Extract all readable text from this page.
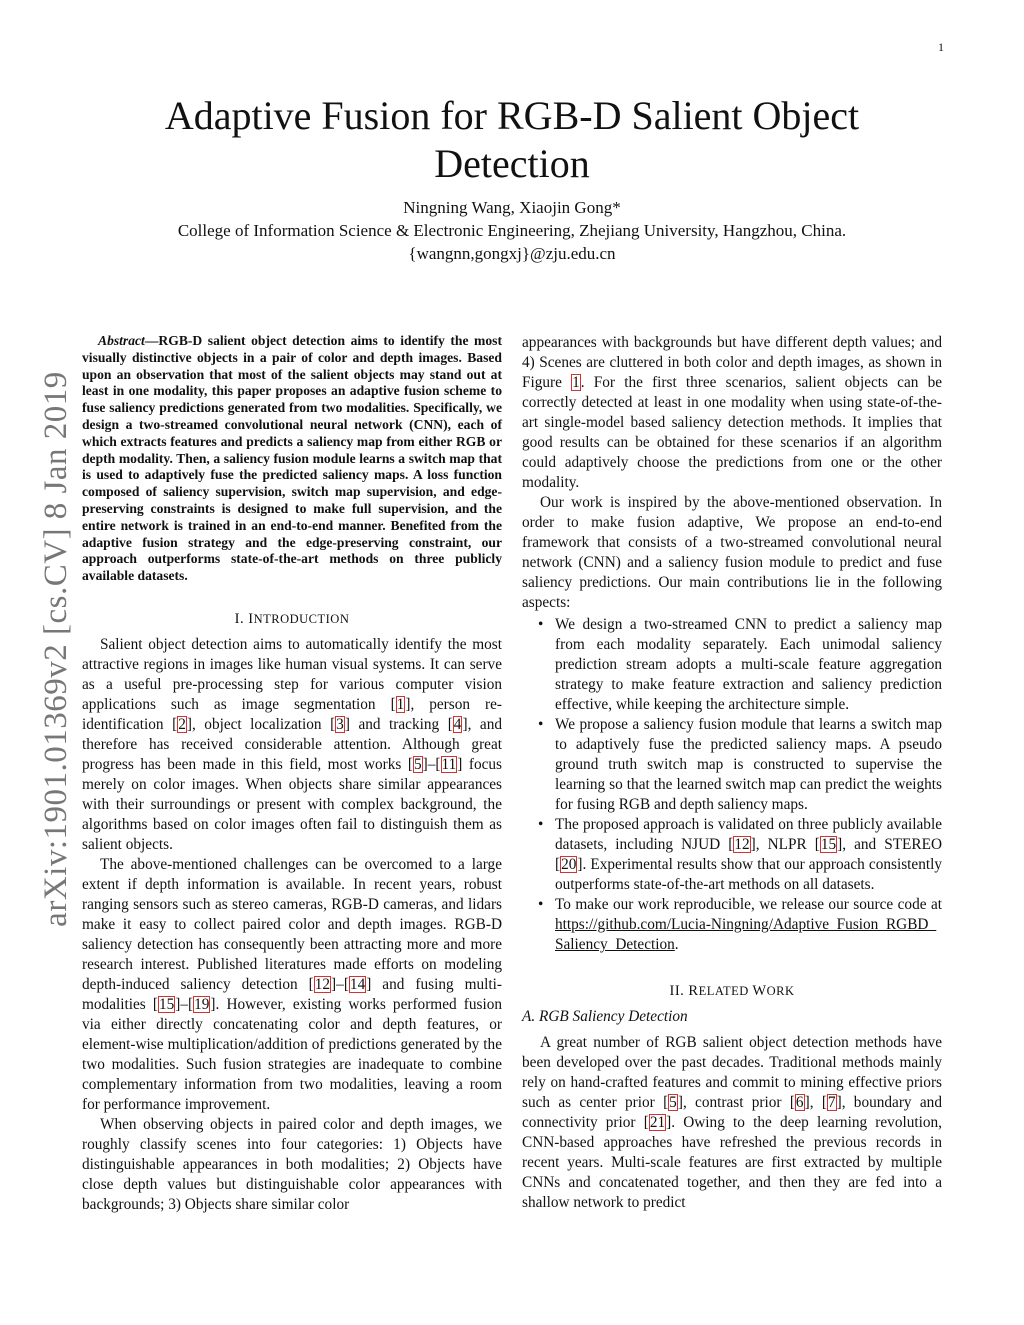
1
arXiv:1901.01369v2 [cs.CV] 8 Jan 2019
Adaptive Fusion for RGB-D Salient Object
Detection
Ningning Wang, Xiaojin Gong*
College of Information Science & Electronic Engineering, Zhejiang University, Hangzhou, China.
{wangnn,gongxj}@zju.edu.cn

Abstract—RGB-D salient object detection aims to identify the most visually distinctive objects in a pair of color and depth images. Based upon an observation that most of the salient objects may stand out at least in one modality, this paper proposes an adaptive fusion scheme to fuse saliency predictions generated from two modalities. Specifically, we design a two-streamed convolutional neural network (CNN), each of which extracts features and predicts a saliency map from either RGB or depth modality. Then, a saliency fusion module learns a switch map that is used to adaptively fuse the predicted saliency maps. A loss function composed of saliency supervision, switch map supervision, and edge-preserving constraints is designed to make full supervision, and the entire network is trained in an end-to-end manner. Benefited from the adaptive fusion strategy and the edge-preserving constraint, our approach outperforms state-of-the-art methods on three publicly available datasets.

I. INTRODUCTION

Salient object detection aims to automatically identify the most attractive regions in images like human visual systems. It can serve as a useful pre-processing step for various computer vision applications such as image segmentation [1], person re-identification [2], object localization [3] and tracking [4], and therefore has received considerable attention. Although great progress has been made in this field, most works [5]–[11] focus merely on color images. When objects share similar appearances with their surroundings or present with complex background, the algorithms based on color images often fail to distinguish them as salient objects.

The above-mentioned challenges can be overcomed to a large extent if depth information is available. In recent years, robust ranging sensors such as stereo cameras, RGB-D cameras, and lidars make it easy to collect paired color and depth images. RGB-D saliency detection has consequently been attracting more and more research interest. Published literatures made efforts on modeling depth-induced saliency detection [12]–[14] and fusing multi-modalities [15]–[19]. However, existing works performed fusion via either directly concatenating color and depth features, or element-wise multiplication/addition of predictions generated by the two modalities. Such fusion strategies are inadequate to combine complementary information from two modalities, leaving a room for performance improvement.

When observing objects in paired color and depth images, we roughly classify scenes into four categories: 1) Objects have distinguishable appearances in both modalities; 2) Objects have close depth values but distinguishable color appearances with backgrounds; 3) Objects share similar color

appearances with backgrounds but have different depth values; and 4) Scenes are cluttered in both color and depth images, as shown in Figure 1. For the first three scenarios, salient objects can be correctly detected at least in one modality when using state-of-the-art single-model based saliency detection methods. It implies that good results can be obtained for these scenarios if an algorithm could adaptively choose the predictions from one or the other modality.

Our work is inspired by the above-mentioned observation. In order to make fusion adaptive, We propose an end-to-end framework that consists of a two-streamed convolutional neural network (CNN) and a saliency fusion module to predict and fuse saliency predictions. Our main contributions lie in the following aspects:

• We design a two-streamed CNN to predict a saliency map from each modality separately. Each unimodal saliency prediction stream adopts a multi-scale feature aggregation strategy to make feature extraction and saliency prediction effective, while keeping the architecture simple.
• We propose a saliency fusion module that learns a switch map to adaptively fuse the predicted saliency maps. A pseudo ground truth switch map is constructed to supervise the learning so that the learned switch map can predict the weights for fusing RGB and depth saliency maps.
• The proposed approach is validated on three publicly available datasets, including NJUD [12], NLPR [15], and STEREO [20]. Experimental results show that our approach consistently outperforms state-of-the-art methods on all datasets.
• To make our work reproducible, we release our source code at https://github.com/Lucia-Ningning/Adaptive_Fusion_RGBD_Saliency_Detection.
II. RELATED WORK
A. RGB Saliency Detection

A great number of RGB salient object detection methods have been developed over the past decades. Traditional methods mainly rely on hand-crafted features and commit to mining effective priors such as center prior [5], contrast prior [6], [7], boundary and connectivity prior [21]. Owing to the deep learning revolution, CNN-based approaches have refreshed the previous records in recent years. Multi-scale features are first extracted by multiple CNNs and concatenated together, and then they are fed into a shallow network to predict
